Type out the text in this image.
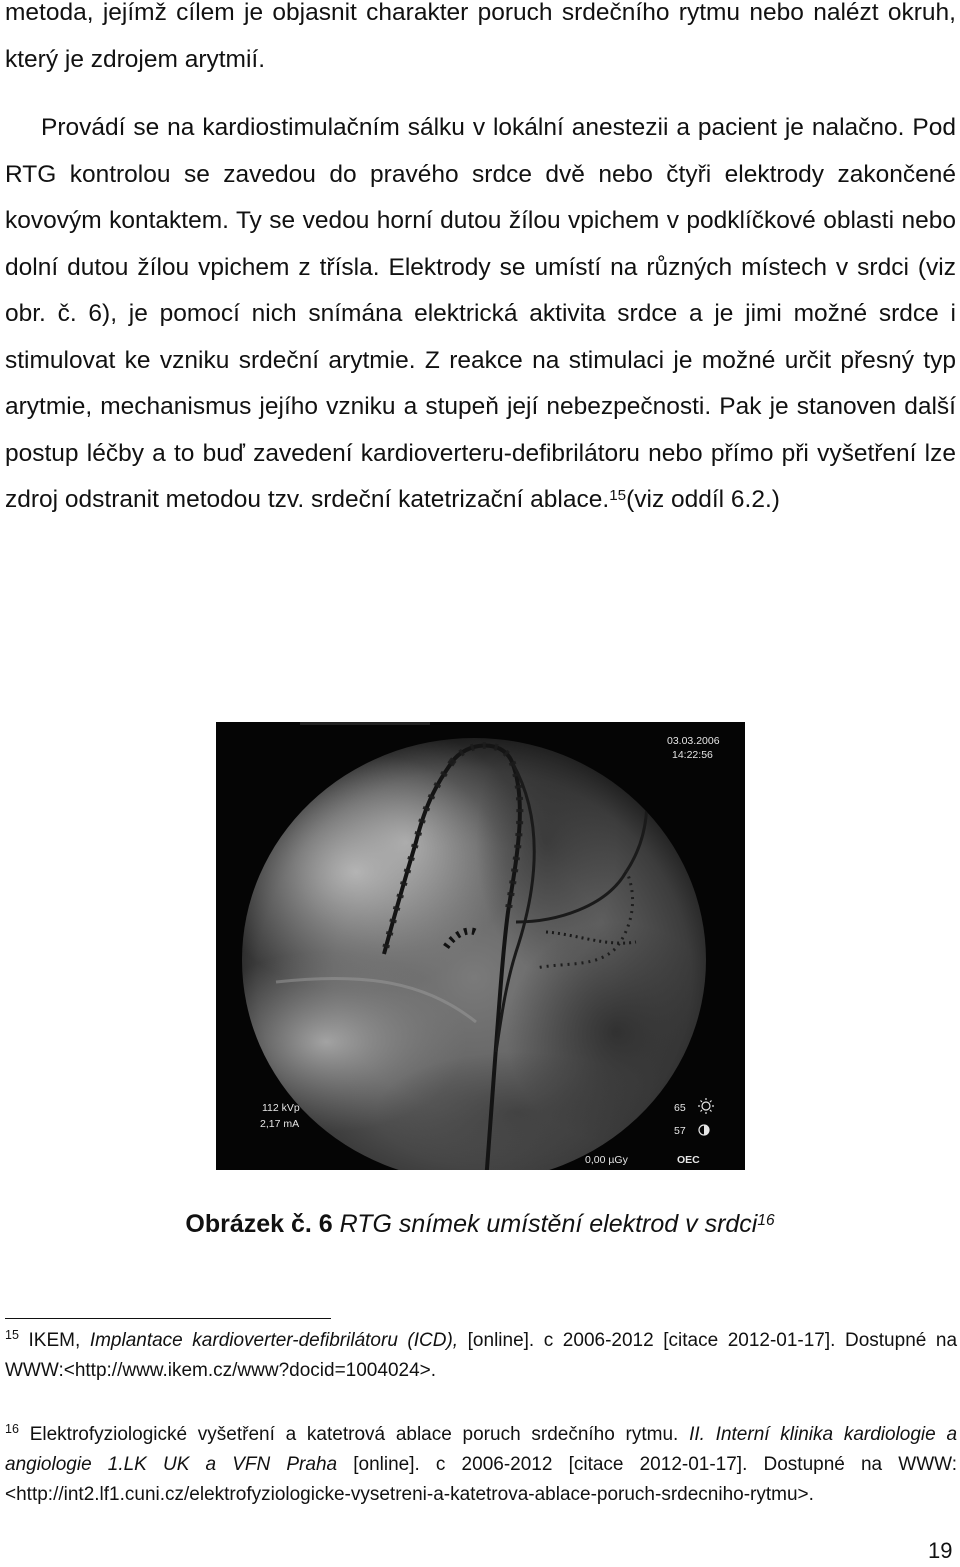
metoda, jejímž cílem je objasnit charakter poruch srdečního rytmu nebo nalézt okruh, který je zdrojem arytmií.

Provádí se na kardiostimulačním sálku v lokální anestezii a pacient je nalačno. Pod RTG kontrolou se zavedou do pravého srdce dvě nebo čtyři elektrody zakončené kovovým kontaktem. Ty se vedou horní dutou žílou vpichem v podklíčkové oblasti nebo dolní dutou žílou vpichem z třísla. Elektrody se umístí na různých místech v srdci (viz obr. č. 6), je pomocí nich snímána elektrická aktivita srdce a je jimi možné srdce i stimulovat ke vzniku srdeční arytmie. Z reakce na stimulaci je možné určit přesný typ arytmie, mechanismus jejího vzniku a stupeň její nebezpečnosti. Pak je stanoven další postup léčby a to buď zavedení kardioverteru-defibrilátoru nebo přímo při vyšetření lze zdroj odstranit metodou tzv. srdeční katetrizační ablace.$^{15}$(viz oddíl 6.2.)

03.03.2006
14:22:56
112 kVp
2,17 mA
65
57
0,00 µGy	OEC

Obrázek č. 6 RTG snímek umístění elektrod v srdci$^{16}$

$^{15}$ IKEM, Implantace kardioverter-defibrilátoru (ICD), [online]. c 2006-2012 [citace 2012-01-17]. Dostupné na WWW:<http://www.ikem.cz/www?docid=1004024>.

$^{16}$ Elektrofyziologické vyšetření a katetrová ablace poruch srdečního rytmu. II. Interní klinika kardiologie a angiologie 1.LK UK a VFN Praha [online]. c 2006-2012 [citace 2012-01-17]. Dostupné na WWW:<http://int2.lf1.cuni.cz/elektrofyziologicke-vysetreni-a-katetrova-ablace-poruch-srdecniho-rytmu>.

19
